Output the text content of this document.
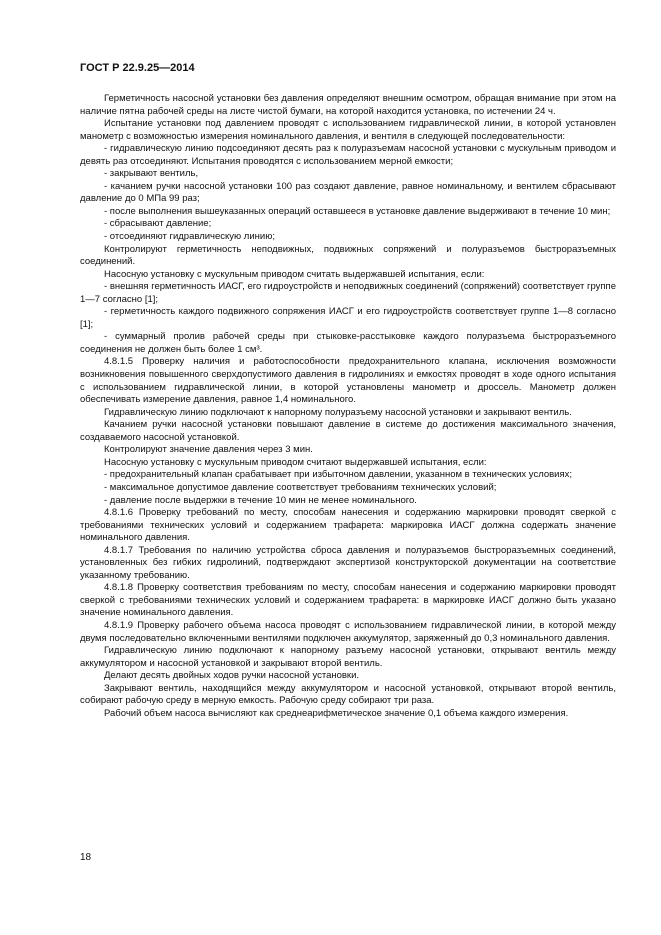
ГОСТ Р 22.9.25—2014

Герметичность насосной установки без давления определяют внешним осмотром, обращая внимание при этом на наличие пятна рабочей среды на листе чистой бумаги, на которой находится установка, по истечении 24 ч.

Испытание установки под давлением проводят с использованием гидравлической линии, в которой установлен манометр с возможностью измерения номинального давления, и вентиля в следующей последовательности:

- гидравлическую линию подсоединяют десять раз к полуразъемам насосной установки с мускульным приводом и девять раз отсоединяют. Испытания проводятся с использованием мерной емкости;

- закрывают вентиль,

- качанием ручки насосной установки 100 раз создают давление, равное номинальному, и вентилем сбрасывают давление до 0 МПа 99 раз;

- после выполнения вышеуказанных операций оставшееся в установке давление выдерживают в течение 10 мин;

- сбрасывают давление;

- отсоединяют гидравлическую линию;

Контролируют герметичность неподвижных, подвижных сопряжений и полуразъемов быстроразъемных соединений.

Насосную установку с мускульным приводом считать выдержавшей испытания, если:

- внешняя герметичность ИАСГ, его гидроустройств и неподвижных соединений (сопряжений) соответствует группе 1—7 согласно [1];

- герметичность каждого подвижного сопряжения ИАСГ и его гидроустройств соответствует группе 1—8 согласно [1];

- суммарный пролив рабочей среды при стыковке-расстыковке каждого полуразъема быстроразъемного соединения не должен быть более 1 см³.

4.8.1.5 Проверку наличия и работоспособности предохранительного клапана, исключения возможности возникновения повышенного сверхдопустимого давления в гидролиниях и емкостях проводят в ходе одного испытания с использованием гидравлической линии, в которой установлены манометр и дроссель. Манометр должен обеспечивать измерение давления, равное 1,4 номинального.

Гидравлическую линию подключают к напорному полуразъему насосной установки и закрывают вентиль.

Качанием ручки насосной установки повышают давление в системе до достижения максимального значения, создаваемого насосной установкой.

Контролируют значение давления через 3 мин.

Насосную установку с мускульным приводом считают выдержавшей испытания, если:

- предохранительный клапан срабатывает при избыточном давлении, указанном в технических условиях;

- максимальное допустимое давление соответствует требованиям технических условий;

- давление после выдержки в течение 10 мин не менее номинального.

4.8.1.6 Проверку требований по месту, способам нанесения и содержанию маркировки проводят сверкой с требованиями технических условий и содержанием трафарета: маркировка ИАСГ должна содержать значение номинального давления.

4.8.1.7 Требования по наличию устройства сброса давления и полуразъемов быстроразъемных соединений, установленных без гибких гидролиний, подтверждают экспертизой конструкторской документации на соответствие указанному требованию.

4.8.1.8 Проверку соответствия требованиям по месту, способам нанесения и содержанию маркировки проводят сверкой с требованиями технических условий и содержанием трафарета: в маркировке ИАСГ должно быть указано значение номинального давления.

4.8.1.9 Проверку рабочего объема насоса проводят с использованием гидравлической линии, в которой между двумя последовательно включенными вентилями подключен аккумулятор, заряженный до 0,3 номинального давления.

Гидравлическую линию подключают к напорному разъему насосной установки, открывают вентиль между аккумулятором и насосной установкой и закрывают второй вентиль.

Делают десять двойных ходов ручки насосной установки.

Закрывают вентиль, находящийся между аккумулятором и насосной установкой, открывают второй вентиль, собирают рабочую среду в мерную емкость. Рабочую среду собирают три раза.

Рабочий объем насоса вычисляют как среднеарифметическое значение 0,1 объема каждого измерения.

18
